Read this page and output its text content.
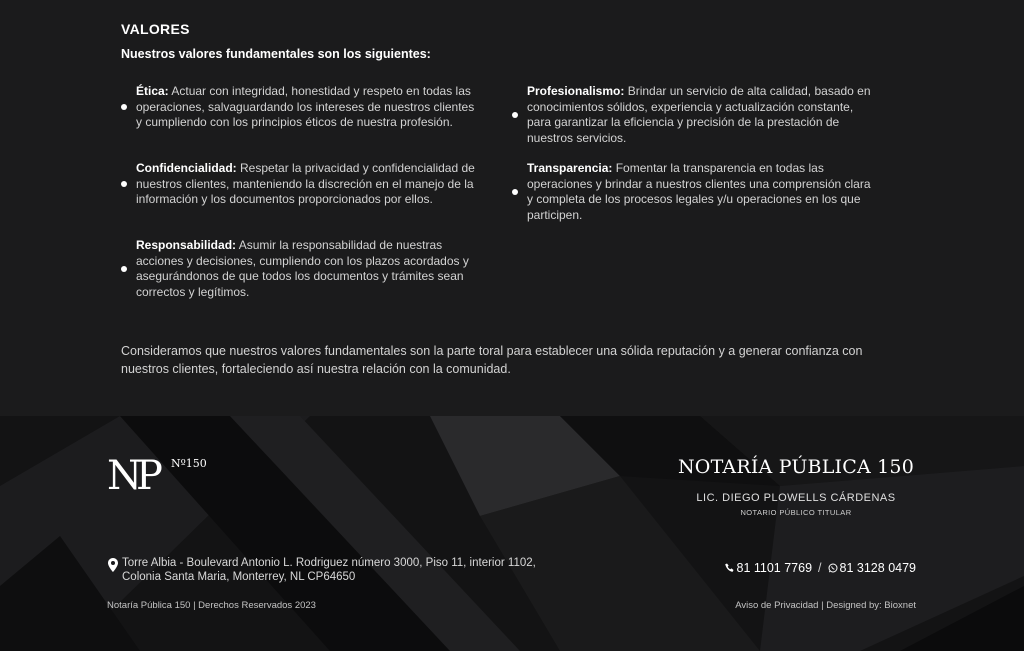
VALORES

Nuestros valores fundamentales son los siguientes:

Ética: Actuar con integridad, honestidad y respeto en todas las operaciones, salvaguardando los intereses de nuestros clientes y cumpliendo con los principios éticos de nuestra profesión.
Profesionalismo: Brindar un servicio de alta calidad, basado en conocimientos sólidos, experiencia y actualización constante, para garantizar la eficiencia y precisión de la prestación de nuestros servicios.
Confidencialidad: Respetar la privacidad y confidencialidad de nuestros clientes, manteniendo la discreción en el manejo de la información y los documentos proporcionados por ellos.
Transparencia: Fomentar la transparencia en todas las operaciones y brindar a nuestros clientes una comprensión clara y completa de los procesos legales y/u operaciones en los que participen.
Responsabilidad: Asumir la responsabilidad de nuestras acciones y decisiones, cumpliendo con los plazos acordados y asegurándonos de que todos los documentos y trámites sean correctos y legítimos.

Consideramos que nuestros valores fundamentales son la parte toral para establecer una sólida reputación y a generar confianza con nuestros clientes, fortaleciendo así nuestra relación con la comunidad.

NP Nº150	NOTARÍA PÚBLICA 150
LIC. DIEGO PLOWELLS CÁRDENAS
NOTARIO PÚBLICO TITULAR
Torre Albia - Boulevard Antonio L. Rodriguez número 3000, Piso 11, interior 1102,
Colonia Santa Maria, Monterrey, NL CP64650
81 1101 7769 / 81 3128 0479
Notaría Pública 150 | Derechos Reservados 2023	Aviso de Privacidad | Designed by: Bioxnet
